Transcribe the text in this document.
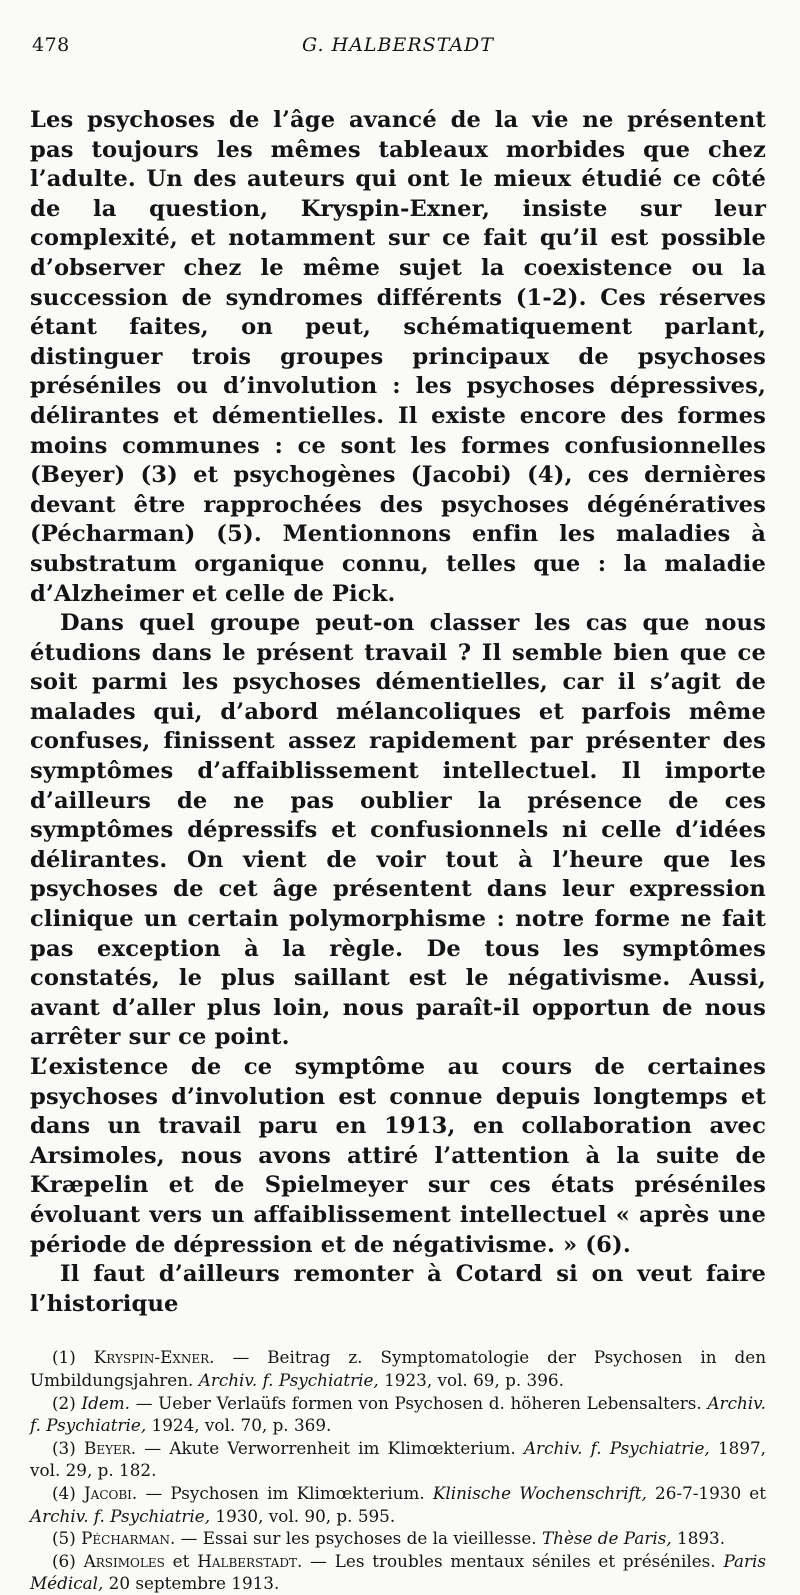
478	G. HALBERSTADT

Les psychoses de l’âge avancé de la vie ne présentent pas toujours les mêmes tableaux morbides que chez l’adulte. Un des auteurs qui ont le mieux étudié ce côté de la question, Kryspin-Exner, insiste sur leur complexité, et notamment sur ce fait qu’il est possible d’observer chez le même sujet la coexistence ou la succession de syndromes différents (1-2). Ces réserves étant faites, on peut, schématiquement parlant, distinguer trois groupes principaux de psychoses préséniles ou d’involution : les psychoses dépressives, délirantes et démentielles. Il existe encore des formes moins communes : ce sont les formes confusionnelles (Beyer) (3) et psychogènes (Jacobi) (4), ces dernières devant être rapprochées des psychoses dégénératives (Pécharman) (5). Mentionnons enfin les maladies à substratum organique connu, telles que : la maladie d’Alzheimer et celle de Pick.

Dans quel groupe peut-on classer les cas que nous étudions dans le présent travail ? Il semble bien que ce soit parmi les psychoses démentielles, car il s’agit de malades qui, d’abord mélancoliques et parfois même confuses, finissent assez rapidement par présenter des symptômes d’affaiblissement intellectuel. Il importe d’ailleurs de ne pas oublier la présence de ces symptômes dépressifs et confusionnels ni celle d’idées délirantes. On vient de voir tout à l’heure que les psychoses de cet âge présentent dans leur expression clinique un certain polymorphisme : notre forme ne fait pas exception à la règle. De tous les symptômes constatés, le plus saillant est le négativisme. Aussi, avant d’aller plus loin, nous paraît-il opportun de nous arrêter sur ce point.

L’existence de ce symptôme au cours de certaines psychoses d’involution est connue depuis longtemps et dans un travail paru en 1913, en collaboration avec Arsimoles, nous avons attiré l’attention à la suite de Kræpelin et de Spielmeyer sur ces états préséniles évoluant vers un affaiblissement intellectuel « après une période de dépression et de négativisme. » (6).

Il faut d’ailleurs remonter à Cotard si on veut faire l’historique

(1) Kryspin-Exner. — Beitrag z. Symptomatologie der Psychosen in den Umbildungsjahren. Archiv. f. Psychiatrie, 1923, vol. 69, p. 396.

(2) Idem. — Ueber Verlaüfs formen von Psychosen d. höheren Lebensalters. Archiv. f. Psychiatrie, 1924, vol. 70, p. 369.

(3) Beyer. — Akute Verworrenheit im Klimœkterium. Archiv. f. Psychiatrie, 1897, vol. 29, p. 182.

(4) Jacobi. — Psychosen im Klimœkterium. Klinische Wochenschrift, 26-7-1930 et Archiv. f. Psychiatrie, 1930, vol. 90, p. 595.

(5) Pécharman. — Essai sur les psychoses de la vieillesse. Thèse de Paris, 1893.

(6) Arsimoles et Halberstadt. — Les troubles mentaux séniles et préséniles. Paris Médical, 20 septembre 1913.
